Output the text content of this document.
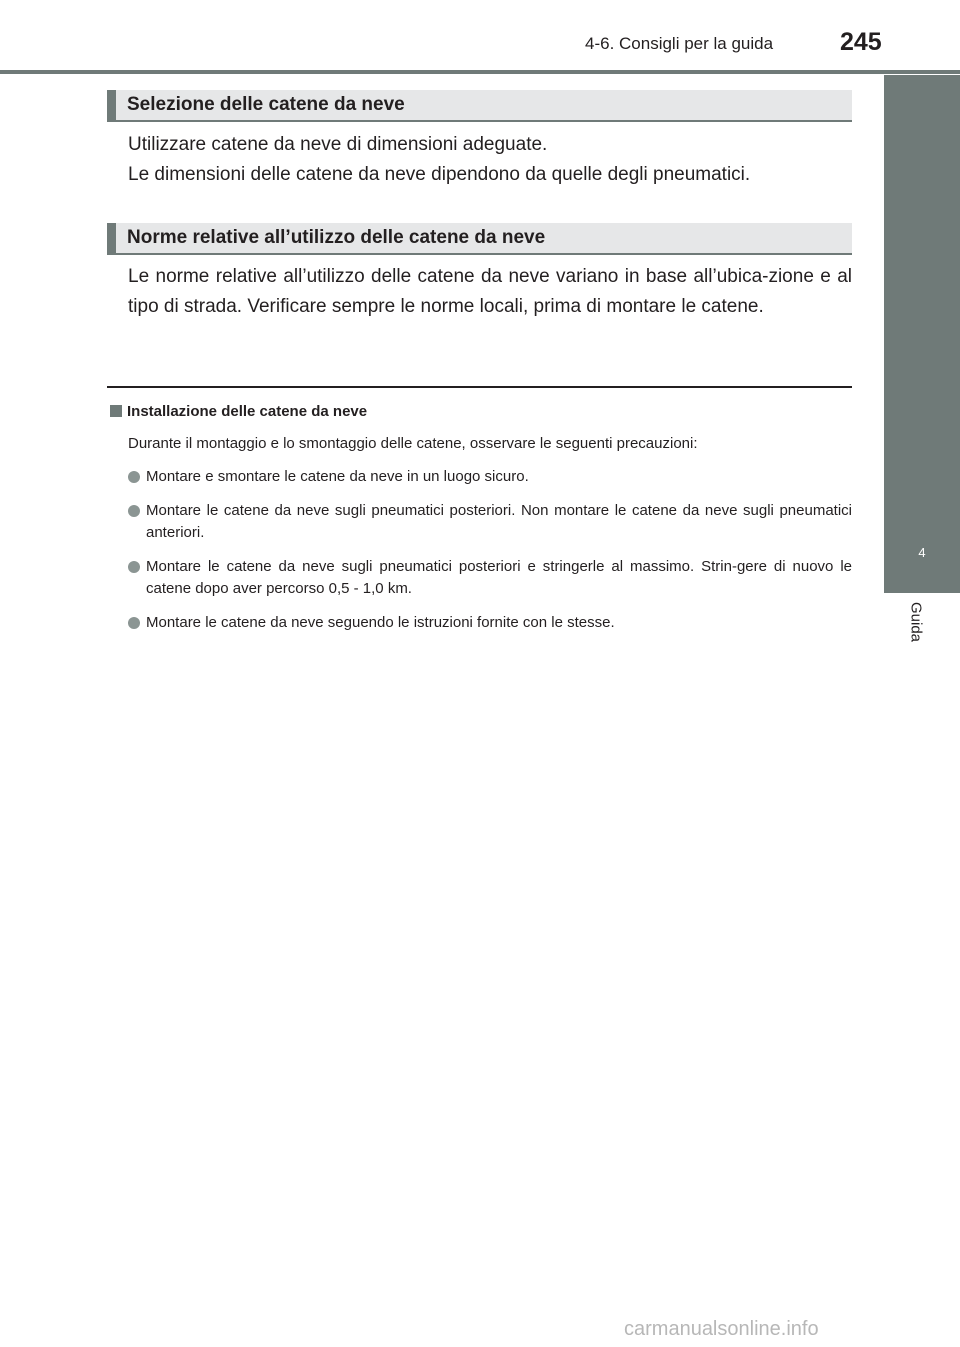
4-6. Consigli per la guida	245
4
Guida
Selezione delle catene da neve

Utilizzare catene da neve di dimensioni adeguate.

Le dimensioni delle catene da neve dipendono da quelle degli pneumatici.

Norme relative all’utilizzo delle catene da neve

Le norme relative all’utilizzo delle catene da neve variano in base all’ubica-zione e al tipo di strada. Verificare sempre le norme locali, prima di montare le catene.

Installazione delle catene da neve
Durante il montaggio e lo smontaggio delle catene, osservare le seguenti precauzioni:
Montare e smontare le catene da neve in un luogo sicuro.
Montare le catene da neve sugli pneumatici posteriori. Non montare le catene da neve sugli pneumatici anteriori.
Montare le catene da neve sugli pneumatici posteriori e stringerle al massimo. Strin-gere di nuovo le catene dopo aver percorso 0,5 - 1,0 km.
Montare le catene da neve seguendo le istruzioni fornite con le stesse.
carmanualsonline.info
